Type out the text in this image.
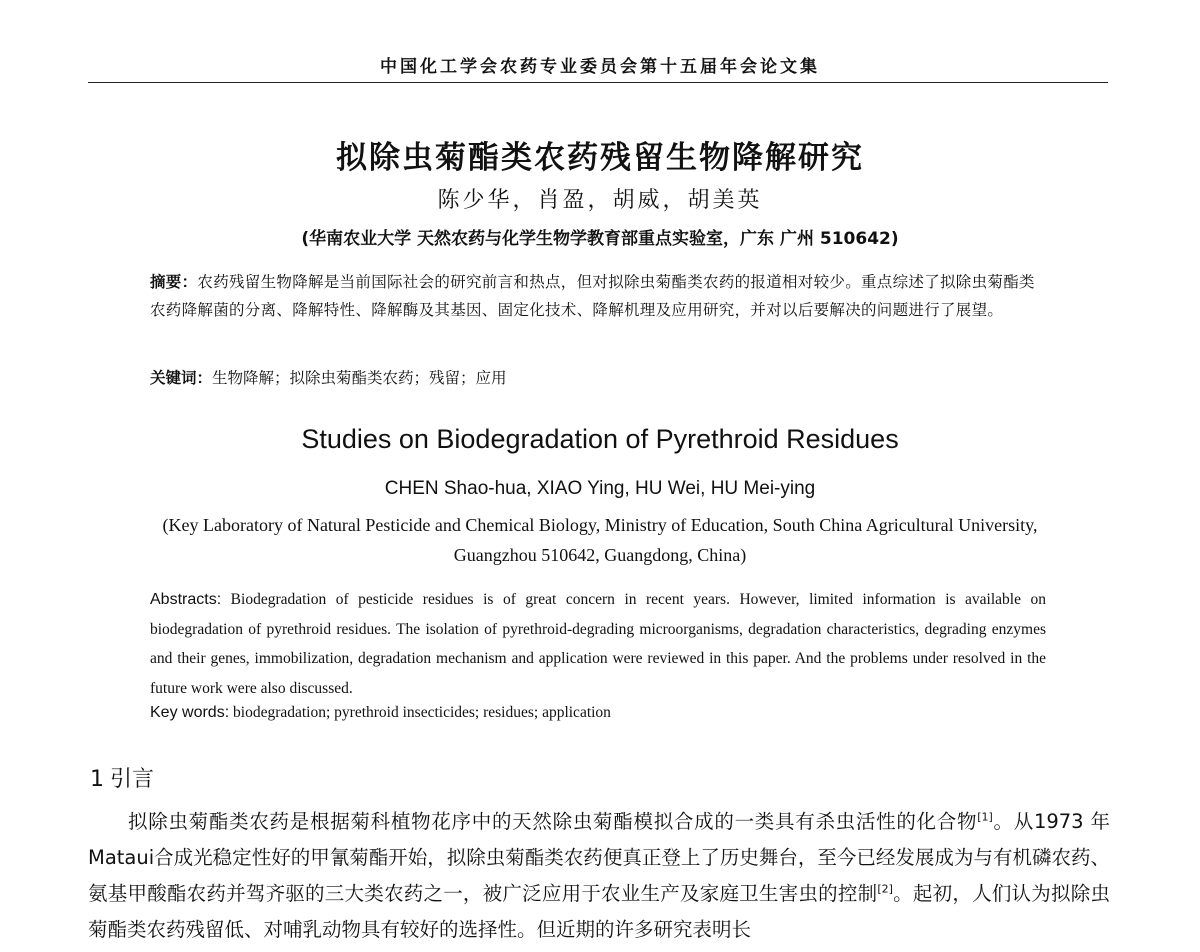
中国化工学会农药专业委员会第十五届年会论文集
拟除虫菊酯类农药残留生物降解研究
陈少华，肖盈，胡威，胡美英
(华南农业大学 天然农药与化学生物学教育部重点实验室，广东 广州 510642)
摘要：农药残留生物降解是当前国际社会的研究前言和热点，但对拟除虫菊酯类农药的报道相对较少。重点综述了拟除虫菊酯类农药降解菌的分离、降解特性、降解酶及其基因、固定化技术、降解机理及应用研究，并对以后要解决的问题进行了展望。
关键词：生物降解；拟除虫菊酯类农药；残留；应用
Studies on Biodegradation of Pyrethroid Residues
CHEN Shao-hua, XIAO Ying, HU Wei, HU Mei-ying
(Key Laboratory of Natural Pesticide and Chemical Biology, Ministry of Education, South China Agricultural University, Guangzhou 510642, Guangdong, China)
Abstracts: Biodegradation of pesticide residues is of great concern in recent years. However, limited information is available on biodegradation of pyrethroid residues. The isolation of pyrethroid-degrading microorganisms, degradation characteristics, degrading enzymes and their genes, immobilization, degradation mechanism and application were reviewed in this paper. And the problems under resolved in the future work were also discussed.
Key words: biodegradation; pyrethroid insecticides; residues; application
1 引言
拟除虫菊酯类农药是根据菊科植物花序中的天然除虫菊酯模拟合成的一类具有杀虫活性的化合物[1]。从1973 年Mataui合成光稳定性好的甲氰菊酯开始，拟除虫菊酯类农药便真正登上了历史舞台，至今已经发展成为与有机磷农药、氨基甲酸酯农药并驾齐驱的三大类农药之一，被广泛应用于农业生产及家庭卫生害虫的控制[2]。起初，人们认为拟除虫菊酯类农药残留低、对哺乳动物具有较好的选择性。但近期的许多研究表明长
